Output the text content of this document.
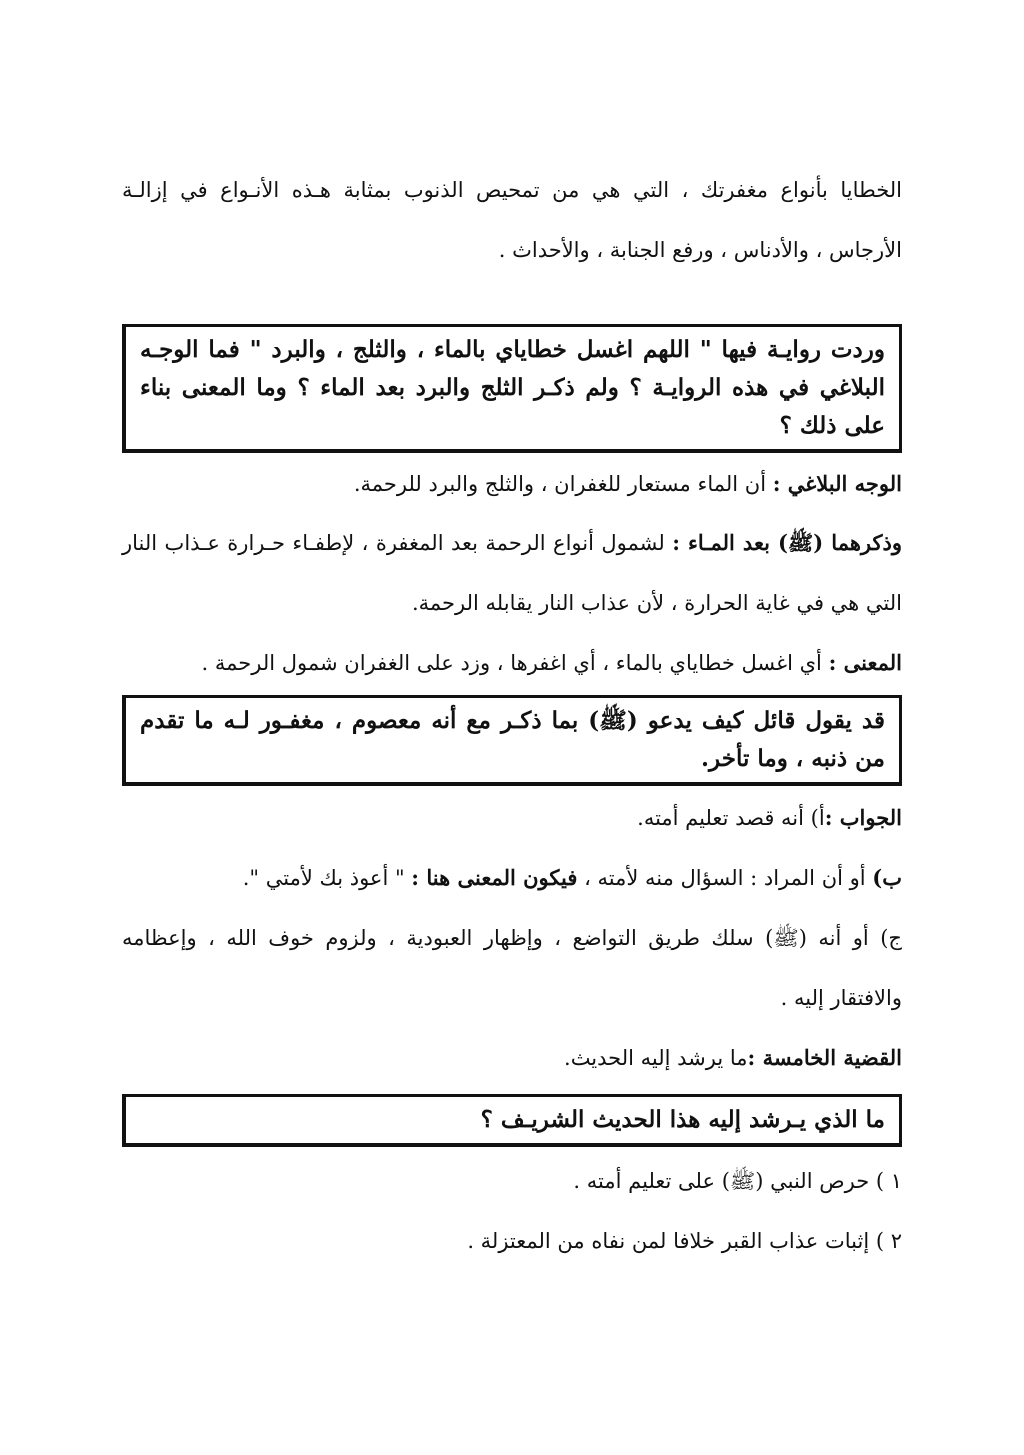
الخطايا بأنواع مغفرتك ، التي هي من تمحيص الذنوب بمثابة هـذه الأنـواع في إزالـة الأرجاس ، والأدناس ، ورفع الجنابة ، والأحداث .

وردت روايـة فيها " اللهم اغسل خطاياي بالماء ، والثلج ، والبرد " فما الوجـه البلاغي في هذه الروايـة ؟ ولم ذكـر الثلج والبرد بعد الماء ؟ وما المعنى بناء على ذلك ؟

الوجه البلاغي : أن الماء مستعار للغفران ، والثلج والبرد للرحمة.

وذكرهما (ﷺ) بعد المـاء : لشمول أنواع الرحمة بعد المغفرة ، لإطفـاء حـرارة عـذاب النار التي هي في غاية الحرارة ، لأن عذاب النار يقابله الرحمة.

المعنى : أي اغسل خطاياي بالماء ، أي اغفرها ، وزد على الغفران شمول الرحمة .

قد يقول قائل كيف يدعو (ﷺ) بما ذكـر مع أنه معصوم ، مغفـور لـه ما تقدم من ذنبه ، وما تأخر.

الجواب :أ) أنه قصد تعليم أمته.

ب) أو أن المراد : السؤال منه لأمته ، فيكون المعنى هنا : " أعوذ بك لأمتي ".

ج) أو أنه (ﷺ) سلك طريق التواضع ، وإظهار العبودية ، ولزوم خوف الله ، وإعظامه والافتقار إليه .

القضية الخامسة :ما يرشد إليه الحديث.

ما الذي يـرشد إليه هذا الحديث الشريـف ؟

١ ) حرص النبي (ﷺ) على تعليم أمته .

٢ ) إثبات عذاب القبر خلافا لمن نفاه من المعتزلة .
